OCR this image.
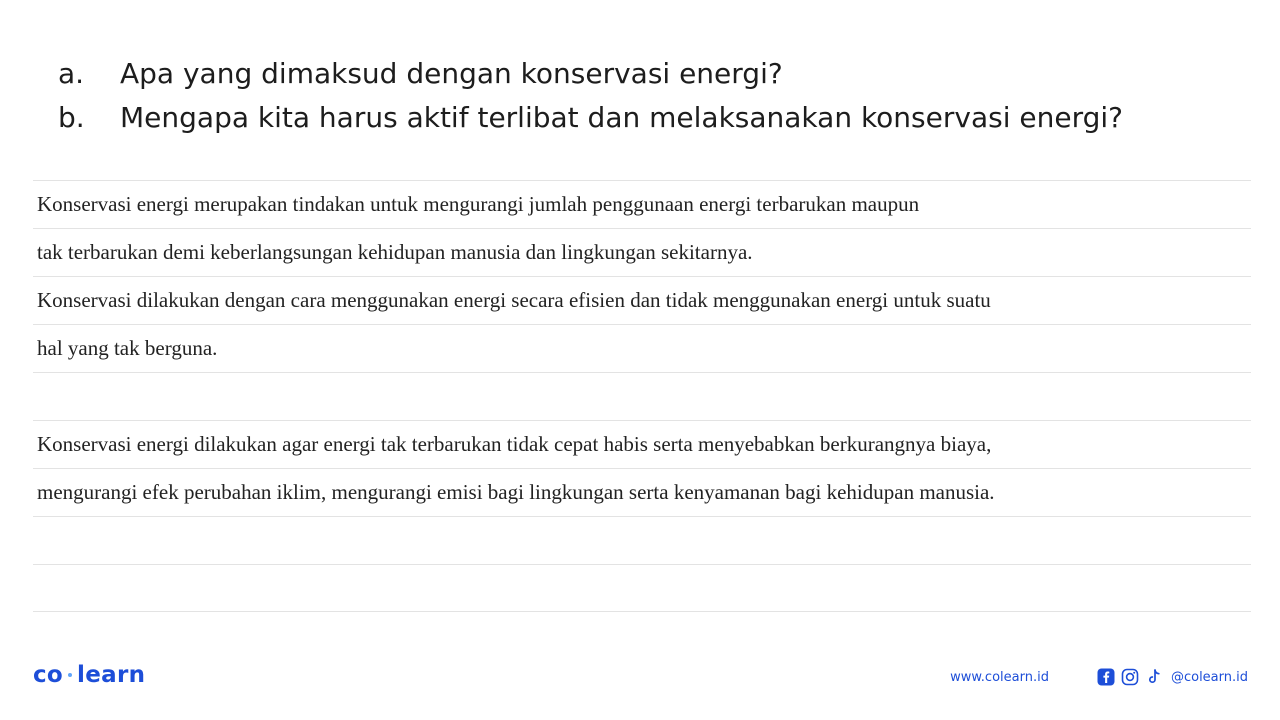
a.	Apa yang dimaksud dengan konservasi energi?
b.	Mengapa kita harus aktif terlibat dan melaksanakan konservasi energi?
Konservasi energi merupakan tindakan untuk mengurangi jumlah penggunaan energi terbarukan maupun
tak terbarukan demi keberlangsungan kehidupan manusia dan lingkungan sekitarnya.
Konservasi dilakukan dengan cara menggunakan energi secara efisien dan tidak menggunakan energi untuk suatu
hal yang tak berguna.
Konservasi energi dilakukan agar energi tak terbarukan tidak cepat habis serta menyebabkan berkurangnya biaya,
mengurangi efek perubahan iklim, mengurangi emisi bagi lingkungan serta kenyamanan bagi kehidupan manusia.
co learn	www.colearn.id	@colearn.id
